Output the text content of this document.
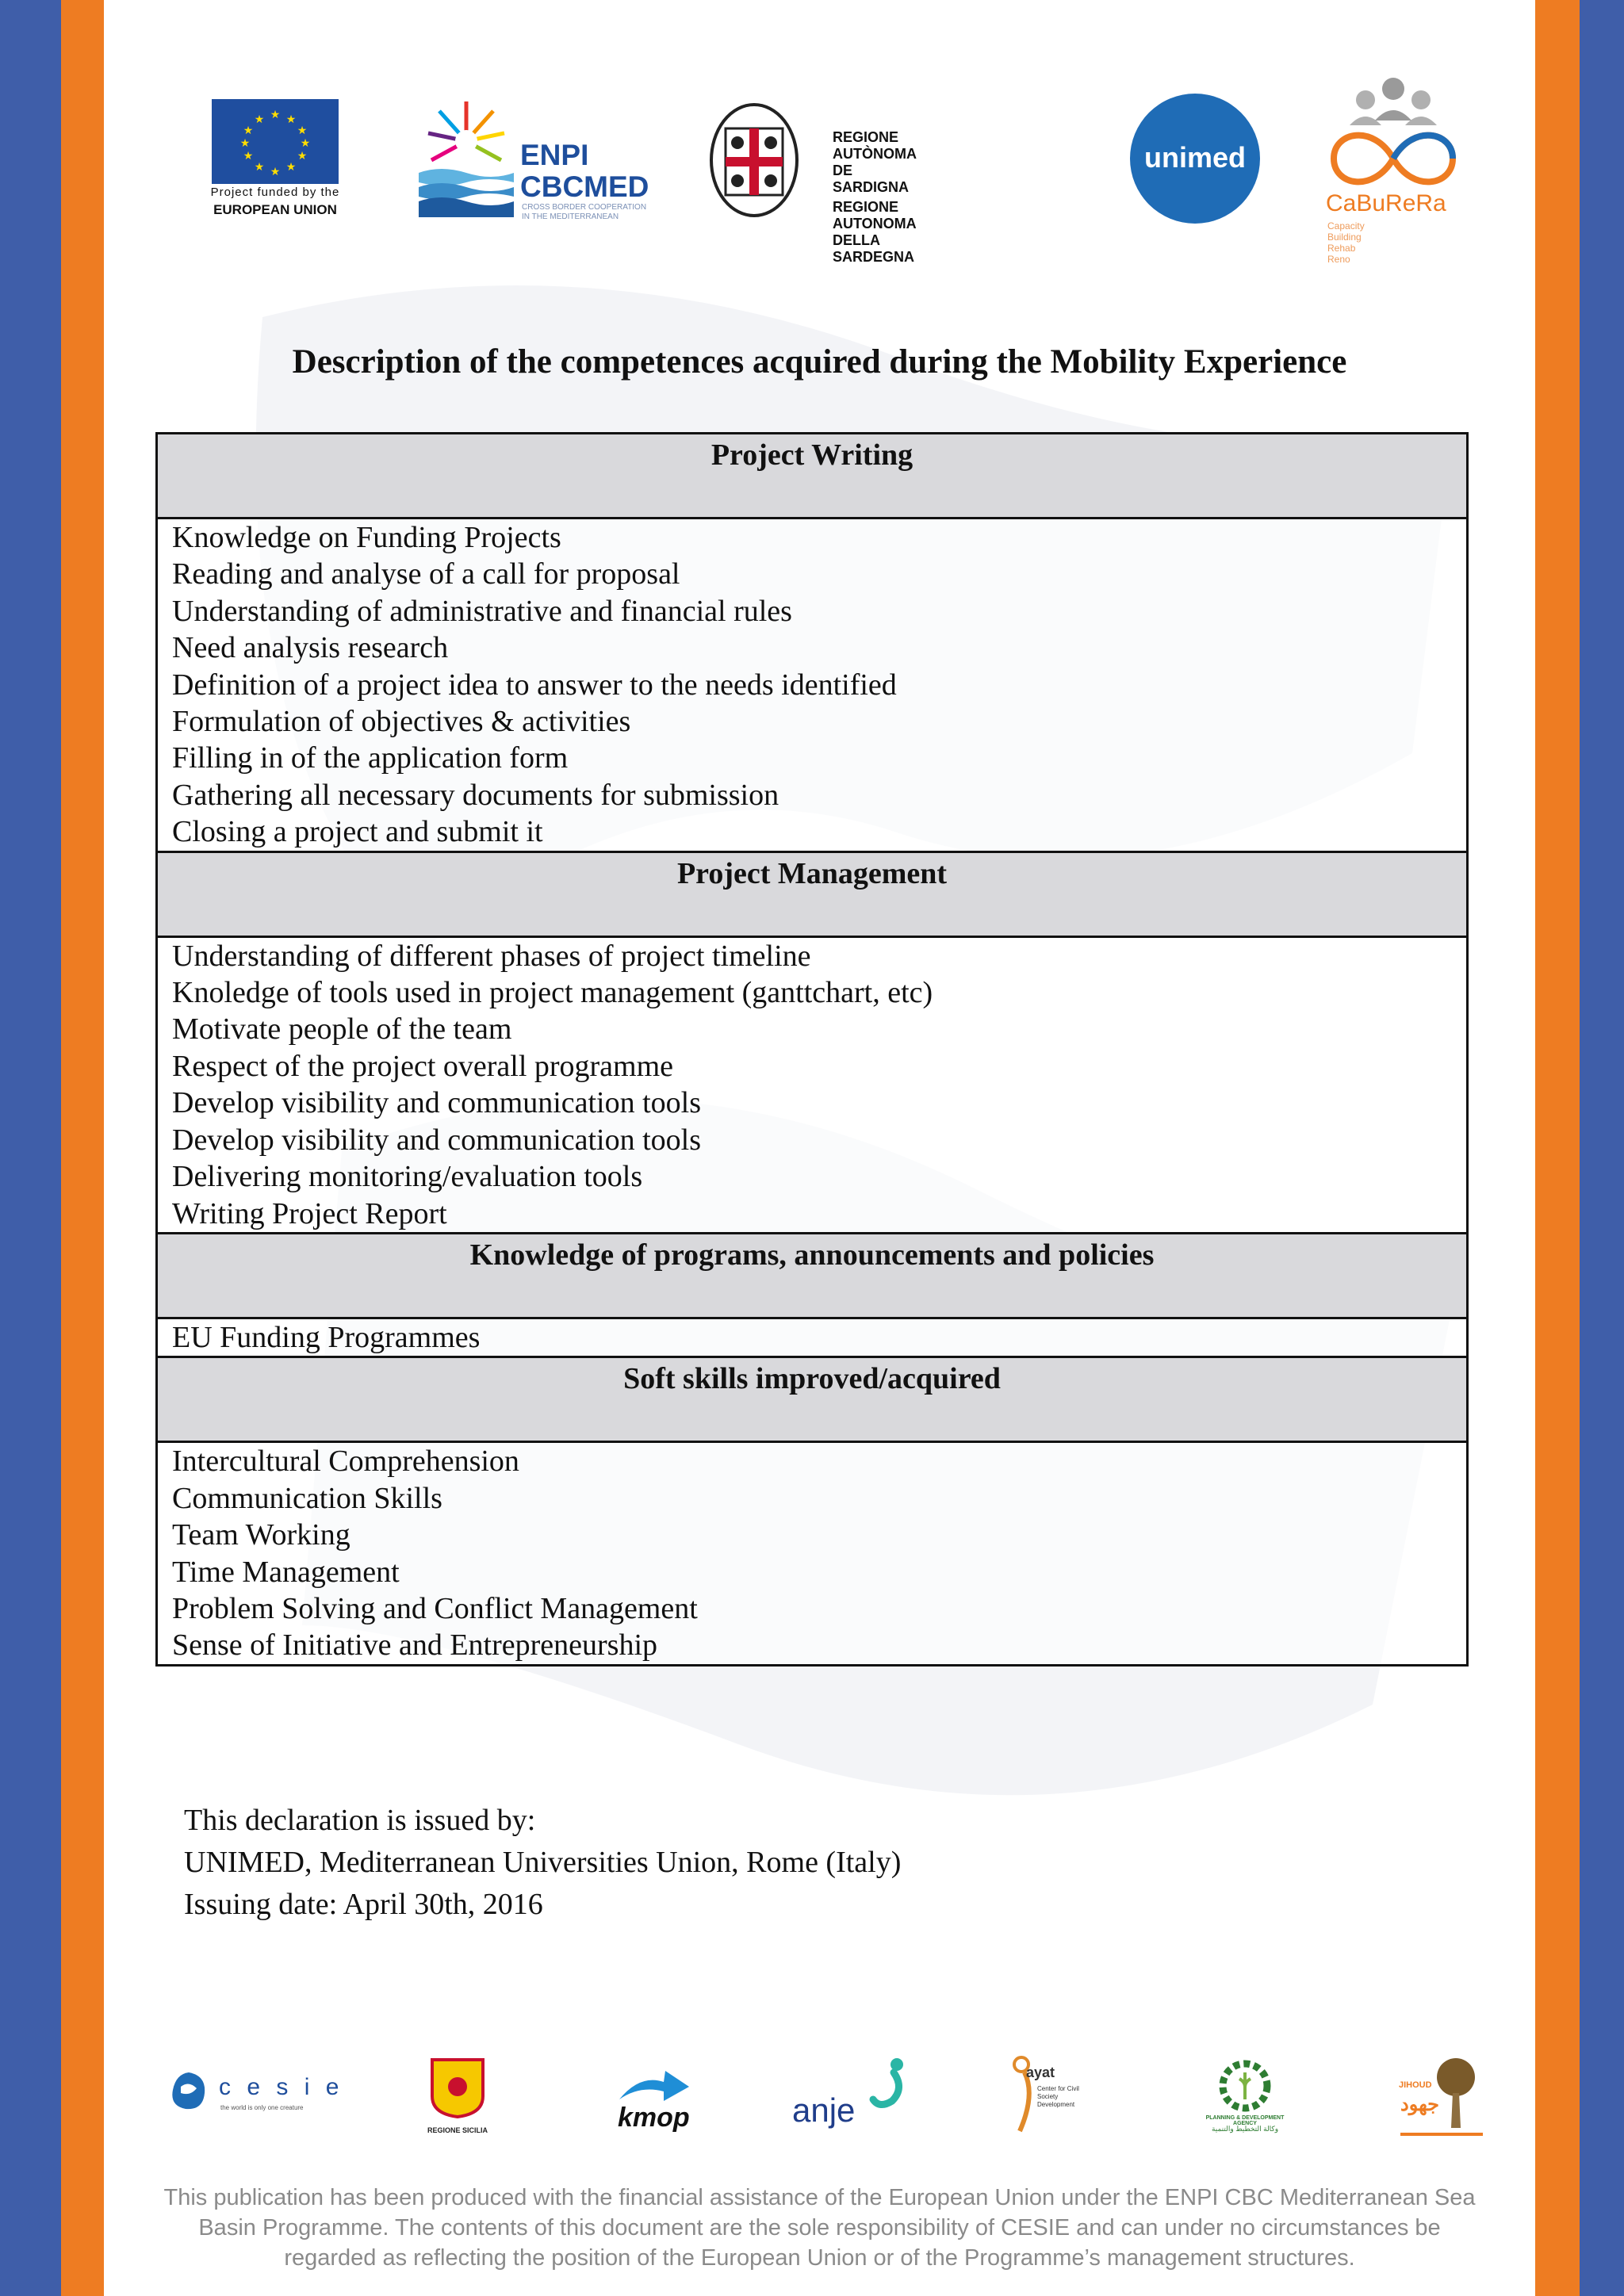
★ ★
★
★
★
★
★
★
★
★
★
★
Project funded by the
EUROPEAN UNION
ENPI
CBCMED
CROSS BORDER COOPERATION
IN THE MEDITERRANEAN
REGIONE AUTÒNOMA
DE SARDIGNA
REGIONE AUTONOMA
DELLA SARDEGNA
unimed
CaBuReRa
Capacity Building Rehab Reno
Description of the competences acquired during the Mobility Experience
Project Writing

Knowledge on Funding Projects
Reading and analyse of a call for proposal
Understanding of administrative and financial rules
Need analysis research
Definition of a project idea to answer to the needs identified
Formulation of objectives & activities
Filling in of the application form
Gathering all necessary documents for submission
Closing a project and submit it

Project Management

Understanding of different phases of project timeline
Knoledge of tools used in project management (ganttchart, etc)
Motivate people of the team
Respect of the project overall programme
Develop visibility and communication tools
Develop visibility and communication tools
Delivering monitoring/evaluation tools
Writing Project Report

Knowledge of programs, announcements and policies

EU Funding Programmes

Soft skills improved/acquired

Intercultural Comprehension
Communication Skills
Team Working
Time Management
Problem Solving and Conflict Management
Sense of Initiative and Entrepreneurship
This declaration is issued by:
UNIMED, Mediterranean Universities Union, Rome (Italy)
Issuing date: April 30th, 2016
c e s i e
the world is only one creature
REGIONE SICILIA	kmop	anje
ayat
Center for Civil Society Development
PLANNING & DEVELOPMENT AGENCY
وكالة التخطيط والتنمية
JIHOUD
جهود
This publication has been produced with the financial assistance of the European Union under the ENPI CBC Mediterranean Sea
Basin Programme. The contents of this document are the sole responsibility of CESIE and can under no circumstances be
regarded as reflecting the position of the European Union or of the Programme’s management structures.
